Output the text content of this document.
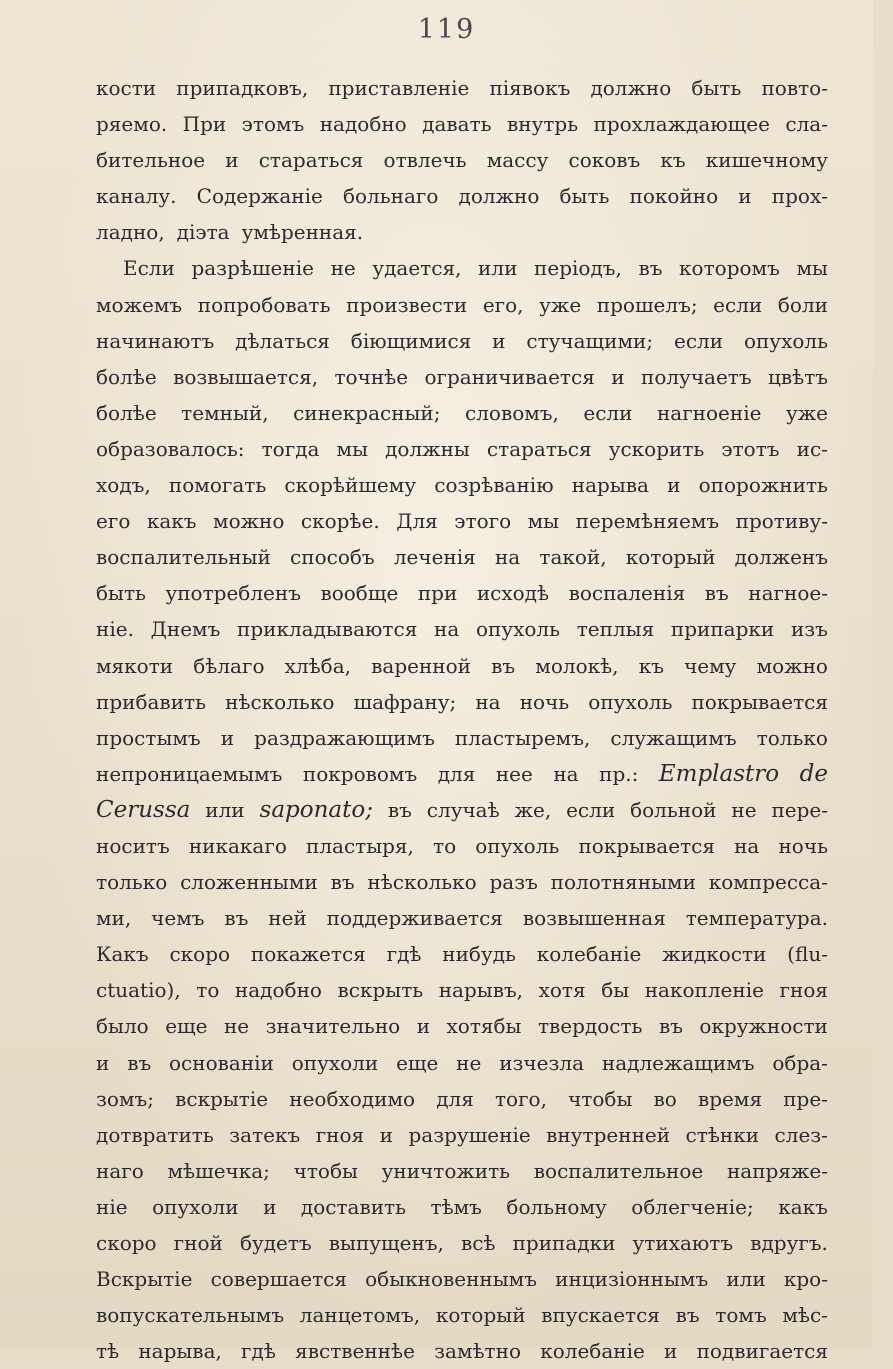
119
кости припадковъ, приставленіе піявокъ должно быть повто-
ряемо. При этомъ надобно давать внутрь прохлаждающее сла-
бительное и стараться отвлечь массу соковъ къ кишечному
каналу. Содержаніе больнаго должно быть покойно и прох-
ладно, діэта умѣренная.
Если разрѣшеніе не удается, или періодъ, въ которомъ мы
можемъ попробовать произвести его, уже прошелъ; если боли
начинаютъ дѣлаться біющимися и стучащими; если опухоль
болѣе возвышается, точнѣе ограничивается и получаетъ цвѣтъ
болѣе темный, синекрасный; словомъ, если нагноеніе уже
образовалось: тогда мы должны стараться ускорить этотъ ис-
ходъ, помогать скорѣйшему созрѣванію нарыва и опорожнить
его какъ можно скорѣе. Для этого мы перемѣняемъ противу-
воспалительный способъ леченія на такой, который долженъ
быть употребленъ вообще при исходѣ воспаленія въ нагное-
ніе. Днемъ прикладываются на опухоль теплыя припарки изъ
мякоти бѣлаго хлѣба, варенной въ молокѣ, къ чему можно
прибавить нѣсколько шафрану; на ночь опухоль покрывается
простымъ и раздражающимъ пластыремъ, служащимъ только
непроницаемымъ покровомъ для нее на пр.: Emplastro de
Cerussa или saponato; въ случаѣ же, если больной не пере-
носитъ никакаго пластыря, то опухоль покрывается на ночь
только сложенными въ нѣсколько разъ полотняными компресса-
ми, чемъ въ ней поддерживается возвышенная температура.
Какъ скоро покажется гдѣ нибудь колебаніе жидкости (flu-
ctuatio), то надобно вскрыть нарывъ, хотя бы накопленіе гноя
было еще не значительно и хотябы твердость въ окружности
и въ основаніи опухоли еще не изчезла надлежащимъ обра-
зомъ; вскрытіе необходимо для того, чтобы во время пре-
дотвратить затекъ гноя и разрушеніе внутренней стѣнки слез-
наго мѣшечка; чтобы уничтожить воспалительное напряже-
ніе опухоли и доставить тѣмъ больному облегченіе; какъ
скоро гной будетъ выпущенъ, всѣ припадки утихаютъ вдругъ.
Вскрытіе совершается обыкновеннымъ инцизіоннымъ или кро-
вопускательнымъ ланцетомъ, который впускается въ томъ мѣс-
тѣ нарыва, гдѣ явственнѣе замѣтно колебаніе и подвигается
